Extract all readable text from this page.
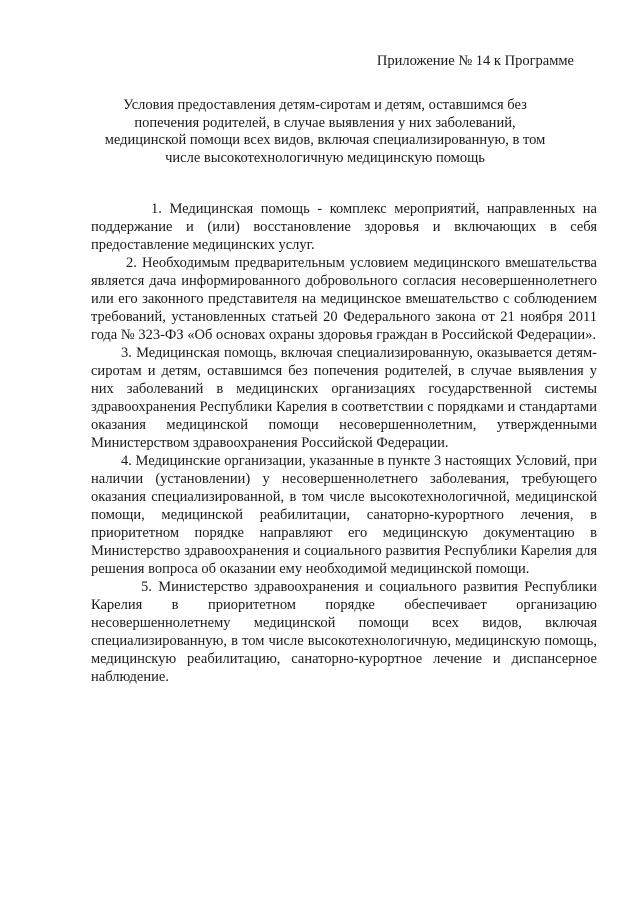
Приложение № 14 к Программе
Условия предоставления детям-сиротам и детям, оставшимся без попечения родителей, в случае выявления у них заболеваний, медицинской помощи всех видов, включая специализированную, в том числе высокотехнологичную медицинскую помощь

1. Медицинская помощь - комплекс мероприятий, направленных на поддержание и (или) восстановление здоровья и включающих в себя предоставление медицинских услуг.

2. Необходимым предварительным условием медицинского вмешательства является дача информированного добровольного согласия несовершеннолетнего или его законного представителя на медицинское вмешательство с соблюдением требований, установленных статьей 20 Федерального закона от 21 ноября 2011 года № 323-ФЗ «Об основах охраны здоровья граждан в Российской Федерации».

3. Медицинская помощь, включая специализированную, оказывается детям-сиротам и детям, оставшимся без попечения родителей, в случае выявления у них заболеваний в медицинских организациях государственной системы здравоохранения Республики Карелия в соответствии с порядками и стандартами оказания медицинской помощи несовершеннолетним, утвержденными Министерством здравоохранения Российской Федерации.

4. Медицинские организации, указанные в пункте 3 настоящих Условий, при наличии (установлении) у несовершеннолетнего заболевания, требующего оказания специализированной, в том числе высокотехнологичной, медицинской помощи, медицинской реабилитации, санаторно-курортного лечения, в приоритетном порядке направляют его медицинскую документацию в Министерство здравоохранения и социального развития Республики Карелия для решения вопроса об оказании ему необходимой медицинской помощи.

5. Министерство здравоохранения и социального развития Республики Карелия в приоритетном порядке обеспечивает организацию несовершеннолетнему медицинской помощи всех видов, включая специализированную, в том числе высокотехнологичную, медицинскую помощь, медицинскую реабилитацию, санаторно-курортное лечение и диспансерное наблюдение.
